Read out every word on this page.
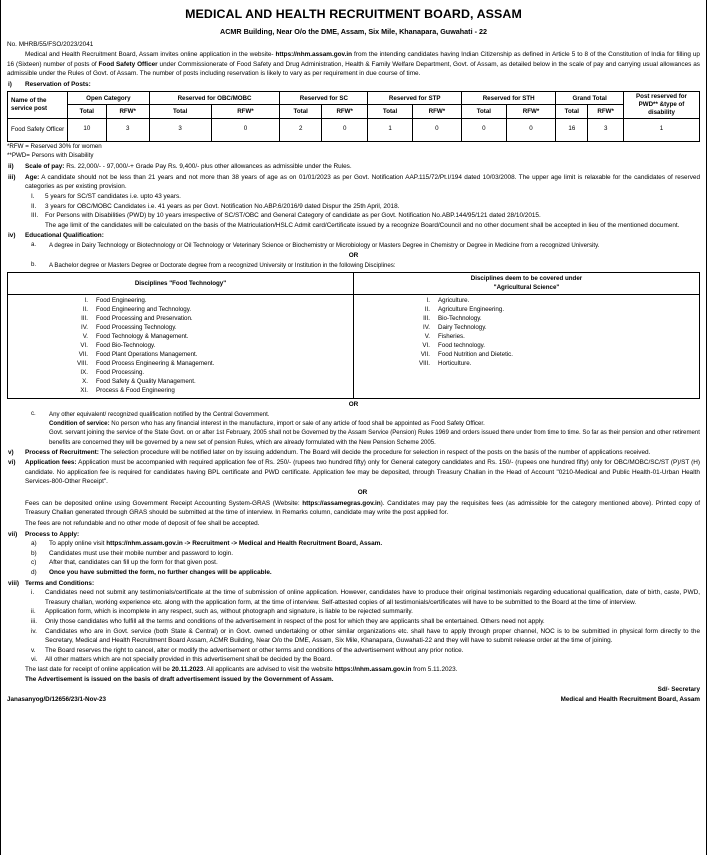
MEDICAL AND HEALTH RECRUITMENT BOARD, ASSAM
ACMR Building, Near O/o the DME, Assam, Six Mile, Khanapara, Guwahati - 22
No. MHRB/55/FSO/2023/2041
Medical and Health Recruitment Board, Assam invites online application in the website- https://nhm.assam.gov.in from the intending candidates having Indian Citizenship as defined in Article 5 to 8 of the Constitution of India for filling up 16 (Sixteen) number of posts of Food Safety Officer under Commissionerate of Food Safety and Drug Administration, Health & Family Welfare Department, Govt. of Assam, as detailed below in the scale of pay and carrying usual allowances as admissible under the Rules of Govt. of Assam. The number of posts including reservation is likely to vary as per requirement in due course of time.
i)	Reservation of Posts:
Name of the service post	Open Category		Reserved for OBC/MOBC		Reserved for SC		Reserved for STP		Reserved for STH		Grand Total		Post reserved for PWD** &type of disability
	Total	RFW*	Total	RFW*	Total	RFW*	Total	RFW*	Total	RFW*	Total	RFW*	
Food Safety Officer	10	3	3	0	2	0	1	0	0	0	16	3	1
*RFW = Reserved 30% for women
**PWD= Persons with Disability
ii)	Scale of pay: Rs. 22,000/- - 97,000/-+ Grade Pay Rs. 9,400/- plus other allowances as admissible under the Rules.
iii)	Age: A candidate should not be less than 21 years and not more than 38 years of age as on 01/01/2023 as per Govt. Notification AAP.115/72/Pt.I/194 dated 10/03/2008. The upper age limit is relaxable for the candidates of reserved categories as per existing provision.
I.	5 years for SC/ST candidates i.e. upto 43 years.
II.	3 years for OBC/MOBC Candidates i.e. 41 years as per Govt. Notification No.ABP.6/2016/9 dated Dispur the 25th April, 2018.
III.	For Persons with Disabilities (PWD) by 10 years irrespective of SC/ST/OBC and General Category of candidate as per Govt. Notification No.ABP.144/95/121 dated 28/10/2015.
The age limit of the candidates will be calculated on the basis of the Matriculation/HSLC Admit card/Certificate issued by a recognize Board/Council and no other document shall be accepted in lieu of the mentioned document.
iv)	Educational Qualification:
a.	A degree in Dairy Technology or Biotechnology or Oil Technology or Veterinary Science or Biochemistry or Microbiology or Masters Degree in Chemistry or Degree in Medicine from a recognized University.
OR
b.	A Bachelor degree or Masters Degree or Doctorate degree from a recognized University or Institution in the following Disciplines:
Disciplines "Food Technology"	Disciplines deem to be covered under
"Agricultural Science"

I.	Food Engineering.
II.	Food Engineering and Technology.
III.	Food Processing and Preservation.
IV.	Food Processing Technology.
V.	Food Technology & Management.
VI.	Food Bio-Technology.
VII.	Food Plant Operations Management.
VIII.	Food Process Engineering & Management.
IX.	Food Processing.
X.	Food Safety & Quality Management.
XI.	Process & Food Engineering

I.	Agriculture.
II.	Agriculture Engineering.
III.	Bio-Technology.
IV.	Dairy Technology.
V.	Fisheries.
VI.	Food technology.
VII.	Food Nutrition and Dietetic.
VIII.	Horticulture.
OR
c.	Any other equivalent/ recognized qualification notified by the Central Government.
Condition of service: No person who has any financial interest in the manufacture, import or sale of any article of food shall be appointed as Food Safety Officer.
Govt. servant joining the service of the State Govt. on or after 1st February, 2005 shall not be Governed by the Assam Service (Pension) Rules 1969 and orders issued there under from time to time. So far as their pension and other retirement benefits are concerned they will be governed by a new set of pension Rules, which are already formulated with the New Pension Scheme 2005.
v)	Process of Recruitment: The selection procedure will be notified later on by issuing addendum. The Board will decide the procedure for selection in respect of the posts on the basis of the number of applications received.
vi)	Application fees: Application must be accompanied with required application fee of Rs. 250/- (rupees two hundred fifty) only for General category candidates and Rs. 150/- (rupees one hundred fifty) only for OBC/MOBC/SC/ST (P)/ST (H) candidate. No application fee is required for candidates having BPL certificate and PWD certificate. Application fee may be deposited, through Treasury Challan in the Head of Account "0210-Medical and Public Health-01-Urban Health Services-800-Other Receipt".
OR
Fees can be deposited online using Government Receipt Accounting System-GRAS (Website: https://assamegras.gov.in). Candidates may pay the requisites fees (as admissible for the category mentioned above). Printed copy of Treasury Challan generated through GRAS should be submitted at the time of interview. In Remarks column, candidate may write the post applied for.
The fees are not refundable and no other mode of deposit of fee shall be accepted.
vii)	Process to Apply:
a)	To apply online visit https://nhm.assam.gov.in -> Recruitment -> Medical and Health Recruitment Board, Assam.
b)	Candidates must use their mobile number and password to login.
c)	After that, candidates can fill up the form for that given post.
d)	Once you have submitted the form, no further changes will be applicable.
viii) Terms and Conditions:
i.	Candidates need not submit any testimonials/certificate at the time of submission of online application. However, candidates have to produce their original testimonials regarding educational qualification, date of birth, caste, PWD, Treasury challan, working experience etc. along with the application form, at the time of interview. Self-attested copies of all testimonials/certificates will have to be submitted to the Board at the time of interview.
ii.	Application form, which is incomplete in any respect, such as, without photograph and signature, is liable to be rejected summarily.
iii.	Only those candidates who fulfill all the terms and conditions of the advertisement in respect of the post for which they are applicants shall be entertained. Others need not apply.
iv.	Candidates who are in Govt. service (both State & Central) or in Govt. owned undertaking or other similar organizations etc. shall have to apply through proper channel, NOC is to be submitted in physical form directly to the Secretary, Medical and Health Recruitment Board Assam, ACMR Building, Near O/o the DME, Assam, Six Mile, Khanapara, Guwahati-22 and they will have to submit release order at the time of joining.
v.	The Board reserves the right to cancel, alter or modify the advertisement or other terms and conditions of the advertisement without any prior notice.
vi.	All other matters which are not specially provided in this advertisement shall be decided by the Board.
The last date for receipt of online application will be 20.11.2023. All applicants are advised to visit the website https://nhm.assam.gov.in from 5.11.2023.
The Advertisement is issued on the basis of draft advertisement issued by the Government of Assam.
Sd/- Secretary
Janasanyog/D/12656/23/1-Nov-23	Medical and Health Recruitment Board, Assam
